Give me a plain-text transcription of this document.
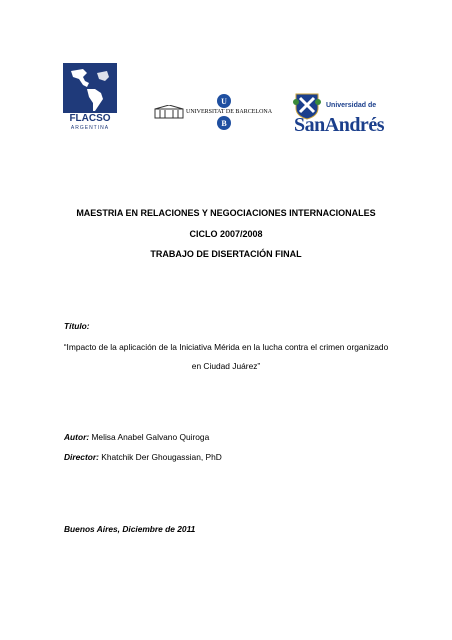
FLACSO
ARGENTINA
UNIVERSITAT DE BARCELONA
U
B
Universidad de
SanAndrés
MAESTRIA EN RELACIONES Y NEGOCIACIONES INTERNACIONALES
CICLO 2007/2008
TRABAJO DE DISERTACIÓN FINAL
Título:
“Impacto de la aplicación de la Iniciativa Mérida en la lucha contra el crimen organizado
en Ciudad Juárez”
Autor: Melisa Anabel Galvano Quiroga
Director: Khatchik Der Ghougassian, PhD
Buenos Aires, Diciembre de 2011
